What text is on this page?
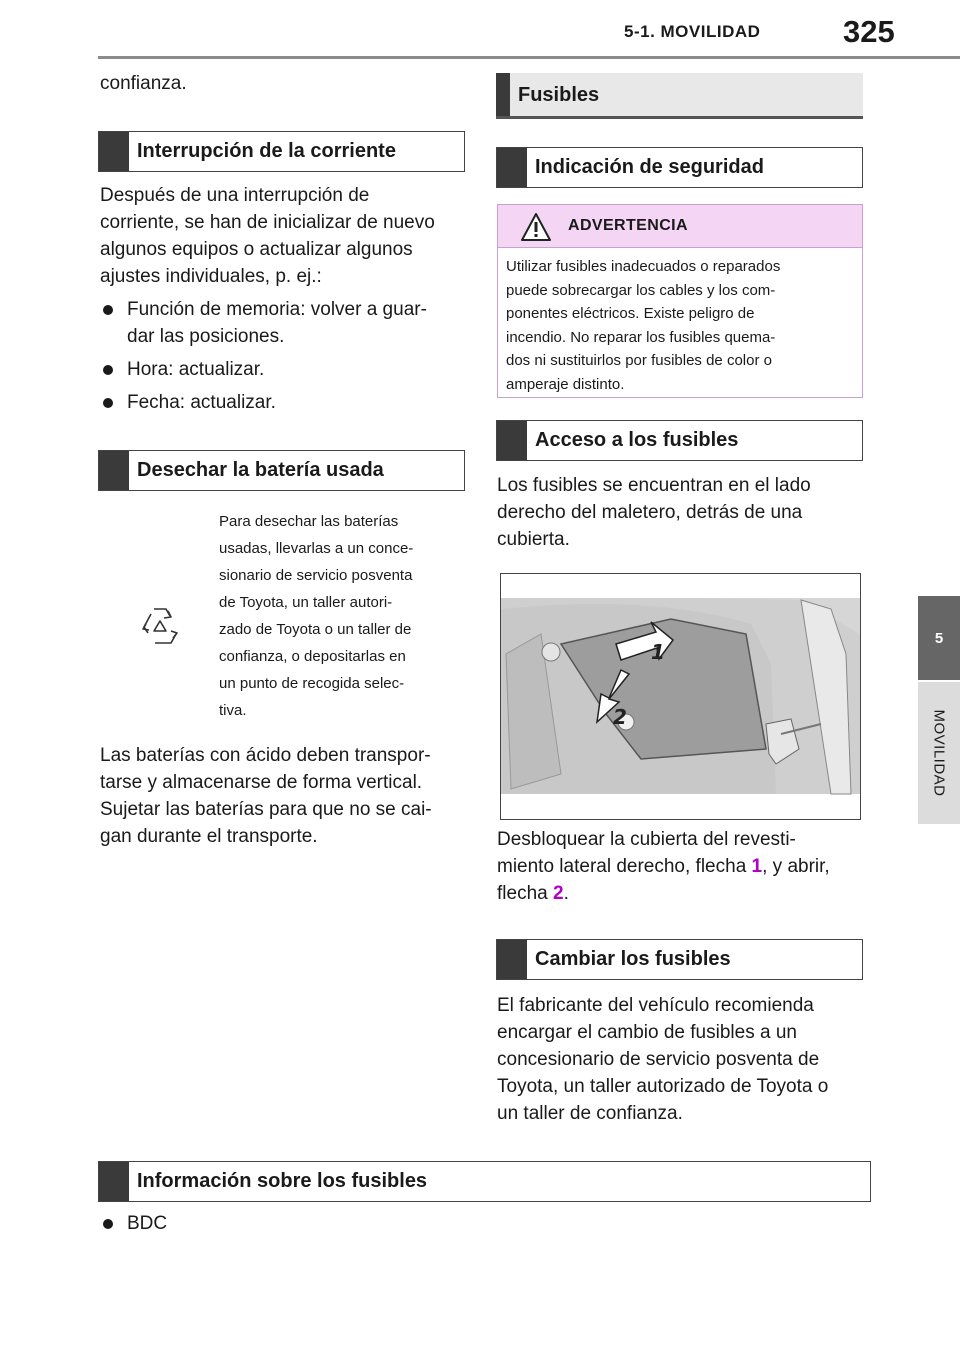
5-1. MOVILIDAD	325
5
MOVILIDAD
confianza.
Interrupción de la corriente
Después de una interrupción de
corriente, se han de inicializar de nuevo
algunos equipos o actualizar algunos
ajustes individuales, p. ej.:
Función de memoria: volver a guar-
dar las posiciones.
Hora: actualizar.
Fecha: actualizar.
Desechar la batería usada
Para desechar las baterías
usadas, llevarlas a un conce-
sionario de servicio posventa
de Toyota, un taller autori-
zado de Toyota o un taller de
confianza, o depositarlas en
un punto de recogida selec-
tiva.
Las baterías con ácido deben transpor-
tarse y almacenarse de forma vertical.
Sujetar las baterías para que no se cai-
gan durante el transporte.
Fusibles
Indicación de seguridad
ADVERTENCIA
Utilizar fusibles inadecuados o reparados
puede sobrecargar los cables y los com-
ponentes eléctricos. Existe peligro de
incendio. No reparar los fusibles quema-
dos ni sustituirlos por fusibles de color o
amperaje distinto.
Acceso a los fusibles
Los fusibles se encuentran en el lado
derecho del maletero, detrás de una
cubierta.
1
2
Desbloquear la cubierta del revesti-
miento lateral derecho, flecha 1, y abrir,
flecha 2.
Cambiar los fusibles
El fabricante del vehículo recomienda
encargar el cambio de fusibles a un
concesionario de servicio posventa de
Toyota, un taller autorizado de Toyota o
un taller de confianza.
Información sobre los fusibles
BDC
